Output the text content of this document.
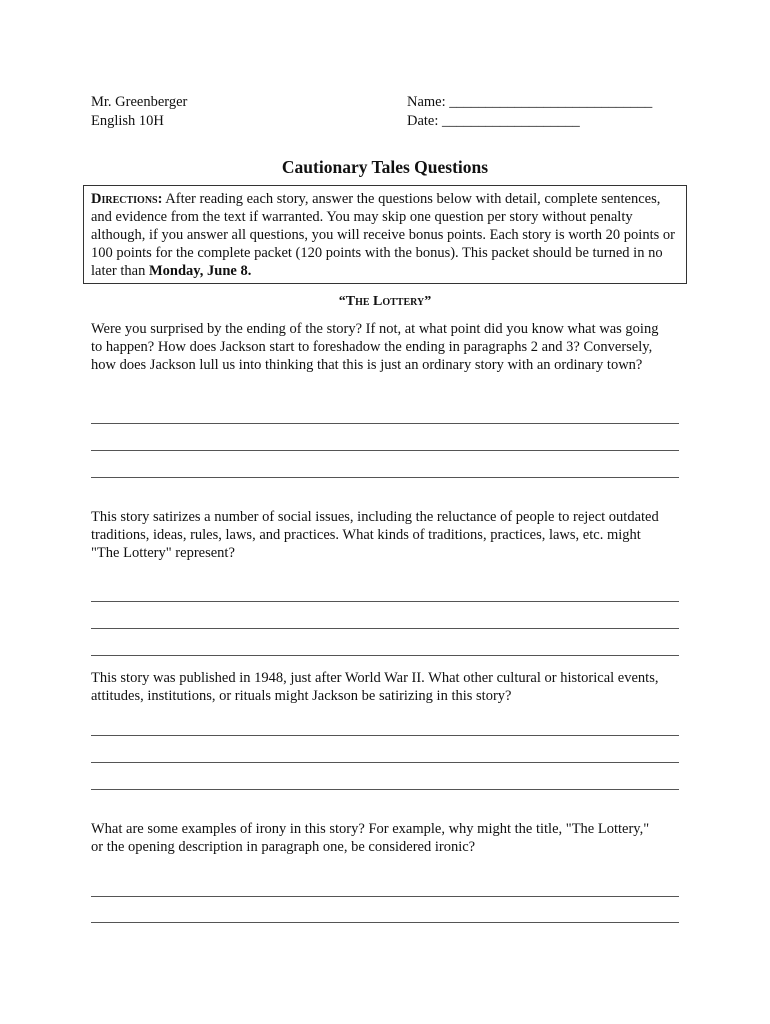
Mr. Greenberger
English 10H
Name: ____________________________
Date: ___________________
Cautionary Tales Questions
Directions: After reading each story, answer the questions below with detail, complete sentences, and evidence from the text if warranted. You may skip one question per story without penalty although, if you answer all questions, you will receive bonus points. Each story is worth 20 points or 100 points for the complete packet (120 points with the bonus). This packet should be turned in no later than Monday, June 8.
“The Lottery”
Were you surprised by the ending of the story? If not, at what point did you know what was going to happen? How does Jackson start to foreshadow the ending in paragraphs 2 and 3? Conversely, how does Jackson lull us into thinking that this is just an ordinary story with an ordinary town?
This story satirizes a number of social issues, including the reluctance of people to reject outdated traditions, ideas, rules, laws, and practices. What kinds of traditions, practices, laws, etc. might "The Lottery" represent?
This story was published in 1948, just after World War II. What other cultural or historical events, attitudes, institutions, or rituals might Jackson be satirizing in this story?
What are some examples of irony in this story? For example, why might the title, "The Lottery," or the opening description in paragraph one, be considered ironic?
